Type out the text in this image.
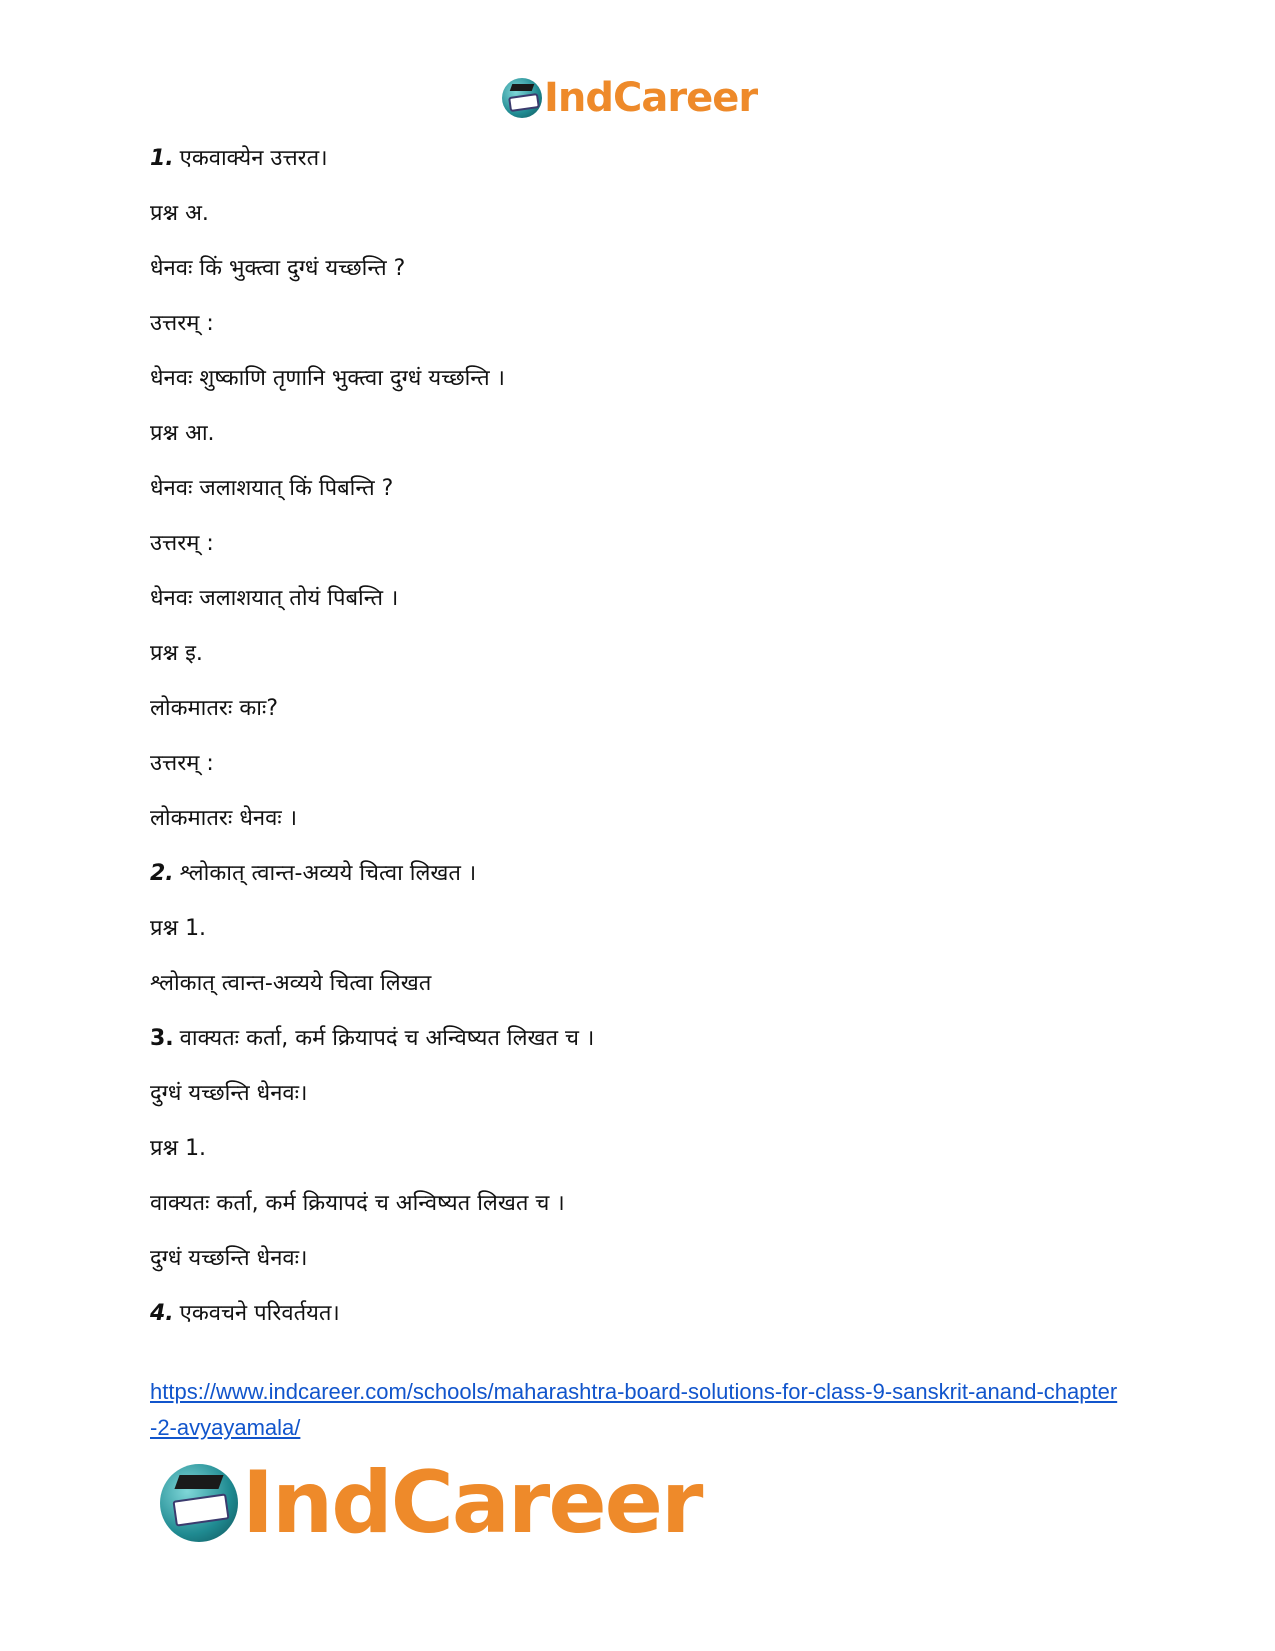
IndCareer
1. एकवाक्येन उत्तरत।
प्रश्न अ.
धेनवः किं भुक्त्वा दुग्धं यच्छन्ति ?
उत्तरम् :
धेनवः शुष्काणि तृणानि भुक्त्वा दुग्धं यच्छन्ति ।
प्रश्न आ.
धेनवः जलाशयात् किं पिबन्ति ?
उत्तरम् :
धेनवः जलाशयात् तोयं पिबन्ति ।
प्रश्न इ.
लोकमातरः काः?
उत्तरम् :
लोकमातरः धेनवः ।
2. श्लोकात् त्वान्त-अव्यये चित्वा लिखत ।
प्रश्न 1.
श्लोकात् त्वान्त-अव्यये चित्वा लिखत
3. वाक्यतः कर्ता, कर्म क्रियापदं च अन्विष्यत लिखत च ।
दुग्धं यच्छन्ति धेनवः।
प्रश्न 1.
वाक्यतः कर्ता, कर्म क्रियापदं च अन्विष्यत लिखत च ।
दुग्धं यच्छन्ति धेनवः।
4. एकवचने परिवर्तयत।
https://www.indcareer.com/schools/maharashtra-board-solutions-for-class-9-sanskrit-anand-chapter-2-avyayamala/
IndCareer
